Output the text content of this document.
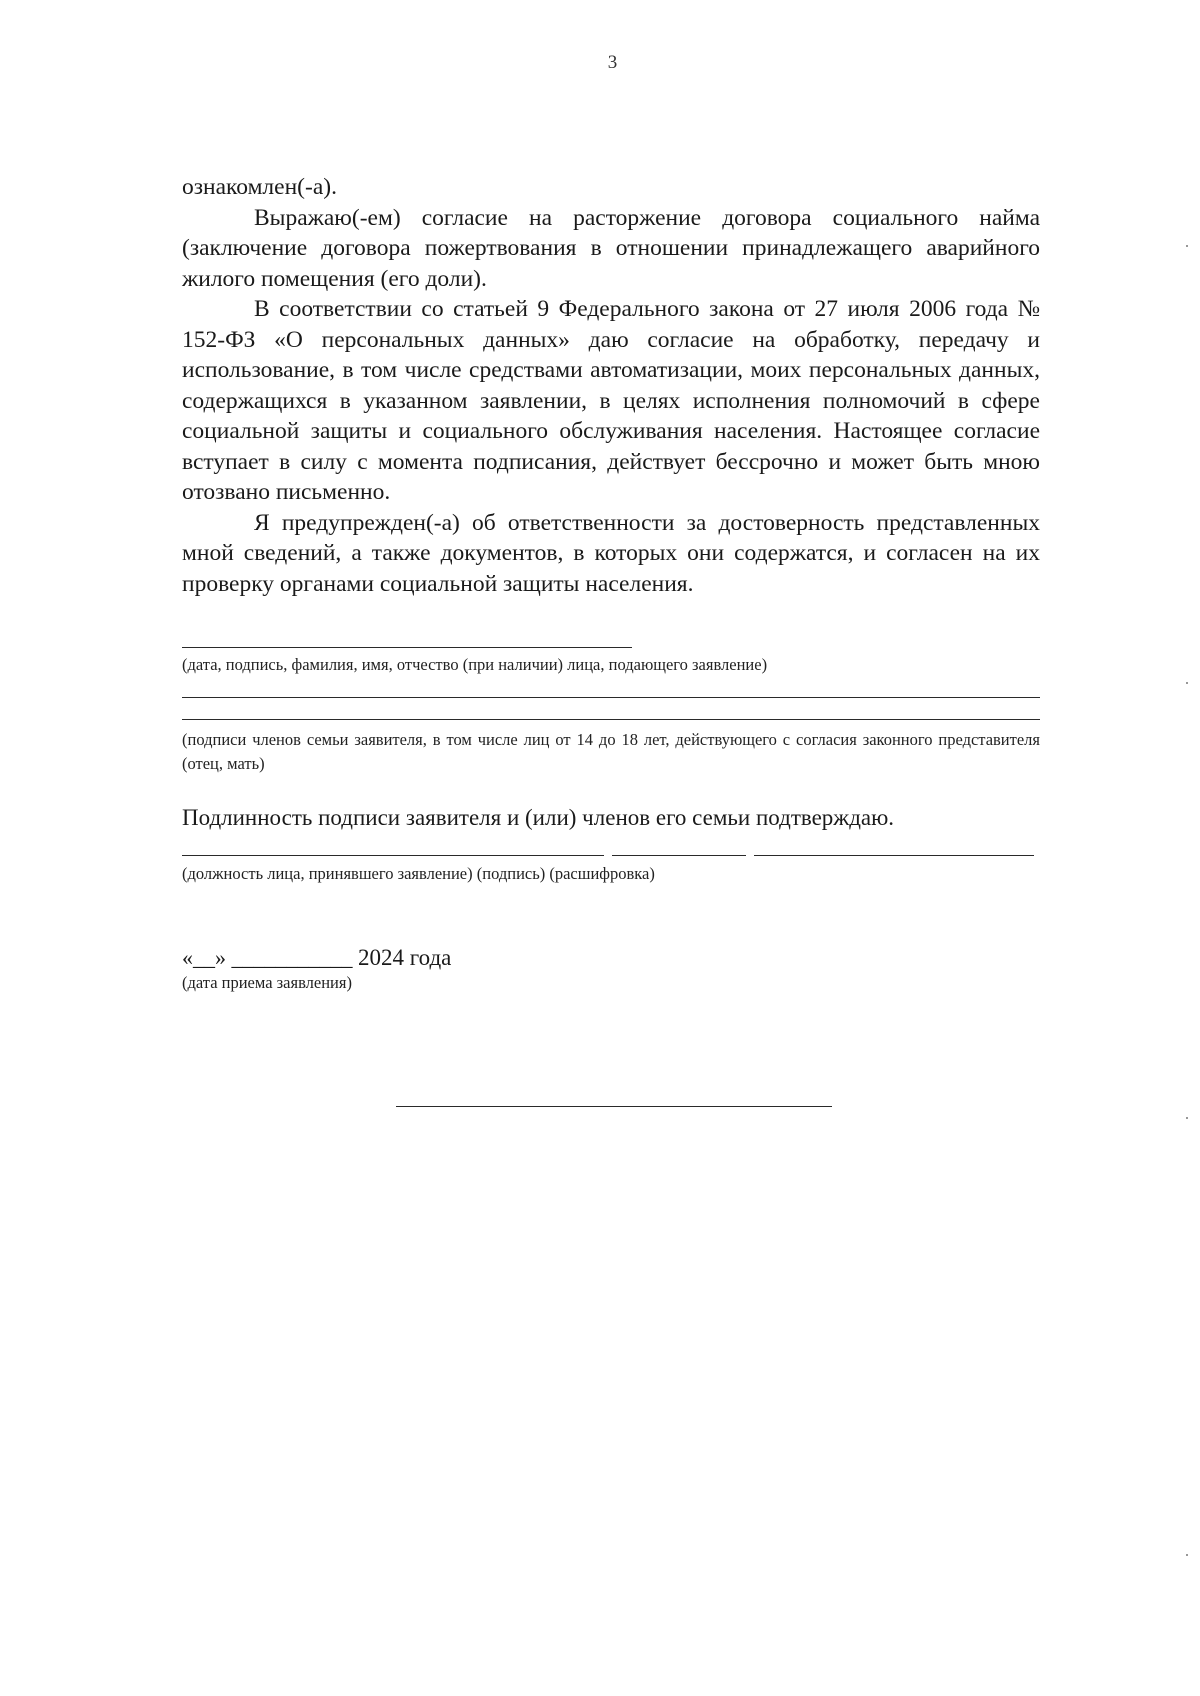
3

ознакомлен(-а).

Выражаю(-ем) согласие на расторжение договора социального найма (заключение договора пожертвования в отношении принадлежащего аварийного жилого помещения (его доли).

В соответствии со статьей 9 Федерального закона от 27 июля 2006 года № 152-ФЗ «О персональных данных» даю согласие на обработку, передачу и использование, в том числе средствами автоматизации, моих персональных данных, содержащихся в указанном заявлении, в целях исполнения полномочий в сфере социальной защиты и социального обслуживания населения. Настоящее согласие вступает в силу с момента подписания, действует бессрочно и может быть мною отозвано письменно.

Я предупрежден(-а) об ответственности за достоверность представленных мной сведений, а также документов, в которых они содержатся, и согласен на их проверку органами социальной защиты населения.

(дата, подпись, фамилия, имя, отчество (при наличии) лица, подающего заявление)
(подписи членов семьи заявителя, в том числе лиц от 14 до 18 лет, действующего с согласия законного представителя (отец, мать)
Подлинность подписи заявителя и (или) членов его семьи подтверждаю.
(должность лица, принявшего заявление) (подпись) (расшифровка)
«__» ___________ 2024 года
(дата приема заявления)
